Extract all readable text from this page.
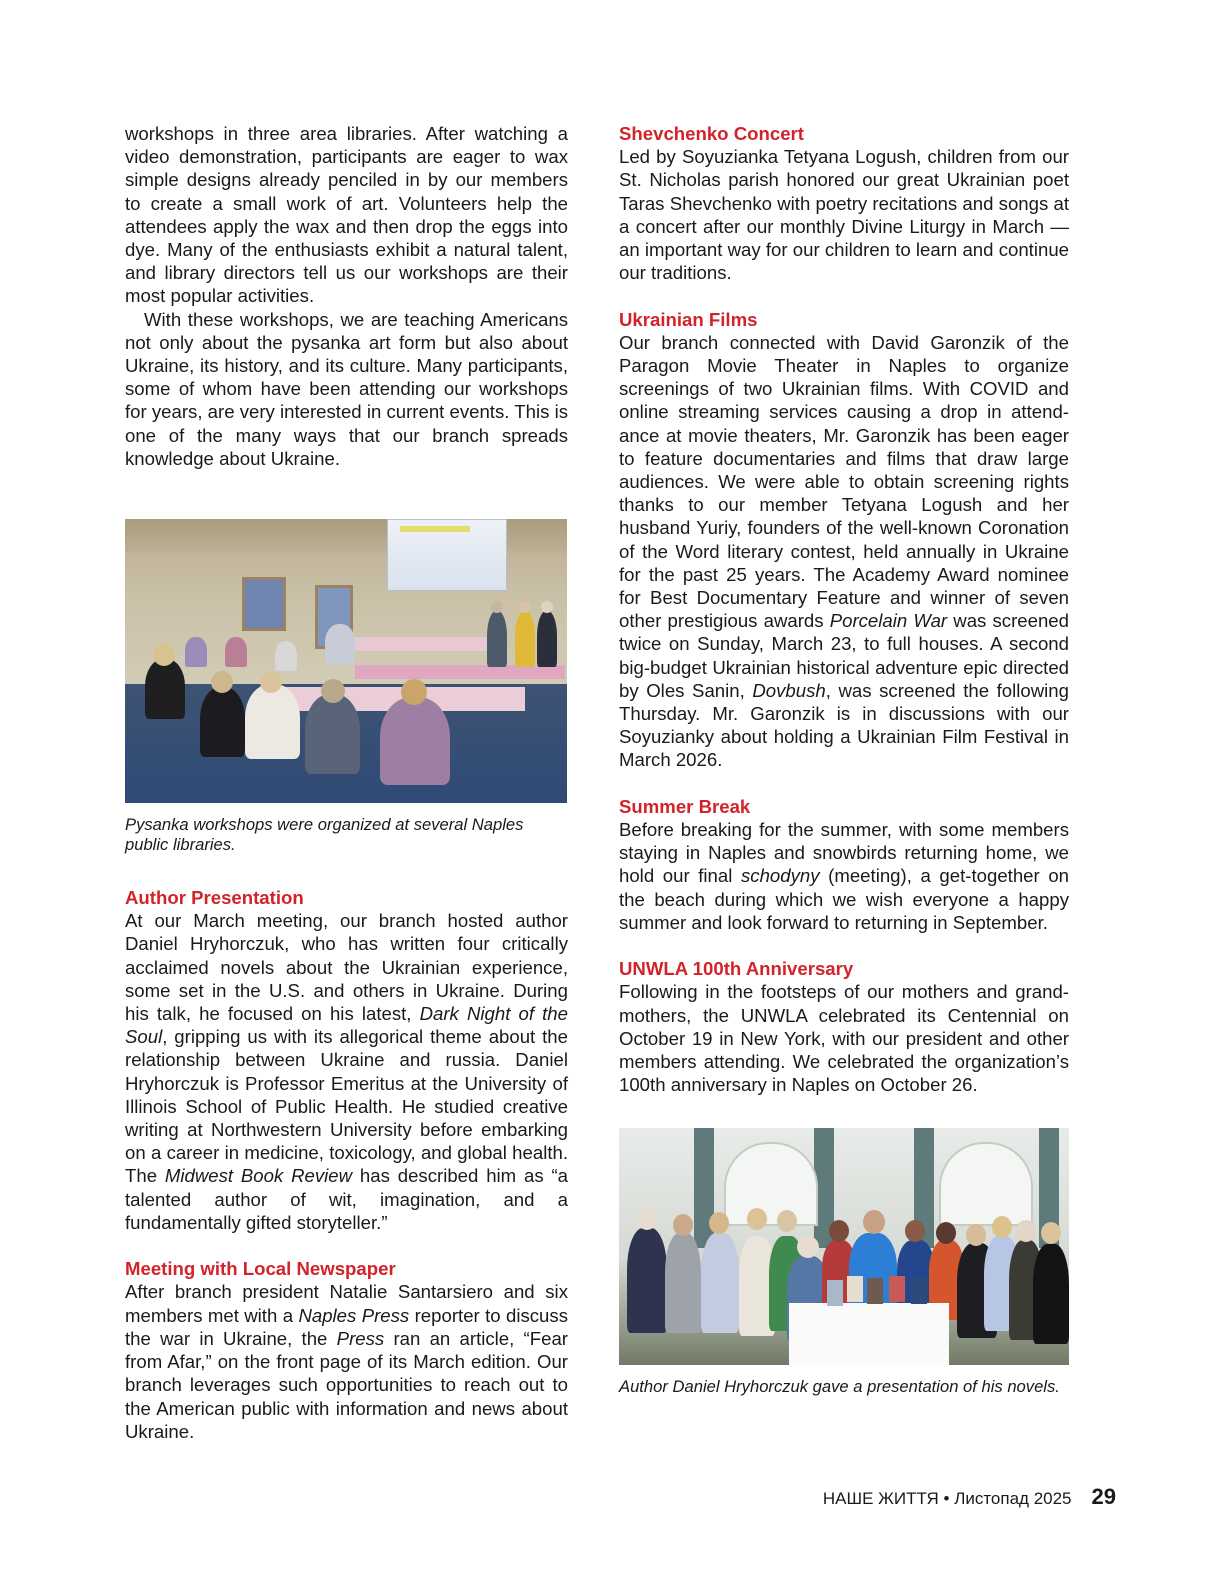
workshops in three area libraries. After watching a video demonstration, participants are eager to wax simple designs already penciled in by our members to create a small work of art. Volunteers help the attendees apply the wax and then drop the eggs into dye. Many of the enthusiasts exhibit a natural talent, and library directors tell us our workshops are their most popular activities.

With these workshops, we are teaching Americans not only about the pysanka art form but also about Ukraine, its history, and its culture. Many participants, some of whom have been attending our workshops for years, are very interested in current events. This is one of the many ways that our branch spreads knowledge about Ukraine.

Pysanka workshops were organized at several Naples public libraries.
Author Presentation

At our March meeting, our branch hosted author Daniel Hryhorczuk, who has written four critically acclaimed novels about the Ukrainian experience, some set in the U.S. and others in Ukraine. During his talk, he focused on his latest, Dark Night of the Soul, gripping us with its allegorical theme about the relationship between Ukraine and russia. Daniel Hryhorczuk is Professor Emeritus at the University of Illinois School of Public Health. He studied creative writing at Northwestern University before embarking on a career in medicine, toxicology, and global health. The Midwest Book Review has described him as “a talented author of wit, imagination, and a fundamentally gifted storyteller.”

Meeting with Local Newspaper

After branch president Natalie Santarsiero and six members met with a Naples Press reporter to discuss the war in Ukraine, the Press ran an article, “Fear from Afar,” on the front page of its March edition. Our branch leverages such opportunities to reach out to the American public with information and news about Ukraine.

Shevchenko Concert

Led by Soyuzianka Tetyana Logush, children from our St. Nicholas parish honored our great Ukrainian poet Taras Shevchenko with poetry recitations and songs at a concert after our monthly Divine Liturgy in March — an important way for our children to learn and continue our traditions.

Ukrainian Films

Our branch connected with David Garonzik of the Paragon Movie Theater in Naples to organize screenings of two Ukrainian films. With COVID and online streaming services causing a drop in attendance at movie theaters, Mr. Garonzik has been eager to feature documentaries and films that draw large audiences. We were able to obtain screening rights thanks to our member Tetyana Logush and her husband Yuriy, founders of the well-known Coronation of the Word literary contest, held annually in Ukraine for the past 25 years. The Academy Award nominee for Best Documentary Feature and winner of seven other prestigious awards Porcelain War was screened twice on Sunday, March 23, to full houses. A second big-budget Ukrainian historical adventure epic directed by Oles Sanin, Dovbush, was screened the following Thursday. Mr. Garonzik is in discussions with our Soyuzianky about holding a Ukrainian Film Festival in March 2026.

Summer Break

Before breaking for the summer, with some members staying in Naples and snowbirds returning home, we hold our final schodyny (meeting), a get-together on the beach during which we wish everyone a happy summer and look forward to returning in September.

UNWLA 100th Anniversary

Following in the footsteps of our mothers and grandmothers, the UNWLA celebrated its Centennial on October 19 in New York, with our president and other members attending. We celebrated the organization’s 100th anniversary in Naples on October 26.

Author Daniel Hryhorczuk gave a presentation of his novels.
НАШЕ ЖИТТЯ • Листопад 2025 29
